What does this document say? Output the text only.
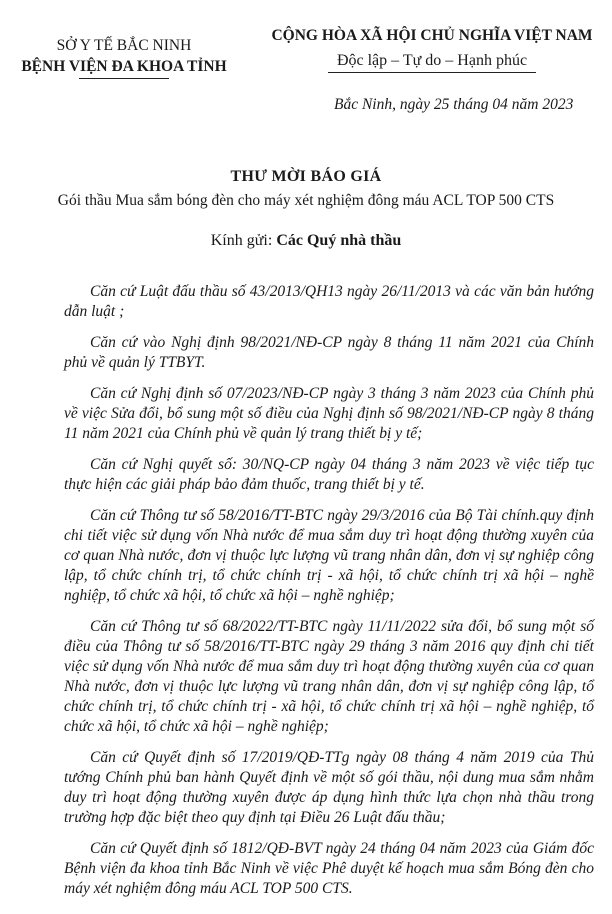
SỞ Y TẾ BẮC NINH
BỆNH VIỆN ĐA KHOA TỈNH
CỘNG HÒA XÃ HỘI CHỦ NGHĨA VIỆT NAM
Độc lập – Tự do – Hạnh phúc
Bắc Ninh, ngày 25 tháng 04 năm 2023
THƯ MỜI BÁO GIÁ
Gói thầu Mua sắm bóng đèn cho máy xét nghiệm đông máu ACL TOP 500 CTS
Kính gửi: Các Quý nhà thầu

Căn cứ Luật đấu thầu số 43/2013/QH13 ngày 26/11/2013 và các văn bản hướng dẫn luật ;

Căn cứ vào Nghị định 98/2021/NĐ-CP ngày 8 tháng 11 năm 2021 của Chính phủ về quản lý TTBYT.

Căn cứ Nghị định số 07/2023/NĐ-CP ngày 3 tháng 3 năm 2023 của Chính phủ về việc Sửa đổi, bổ sung một số điều của Nghị định số 98/2021/NĐ-CP ngày 8 tháng 11 năm 2021 của Chính phủ về quản lý trang thiết bị y tế;

Căn cứ Nghị quyết số: 30/NQ-CP ngày 04 tháng 3 năm 2023 về việc tiếp tục thực hiện các giải pháp bảo đảm thuốc, trang thiết bị y tế.

Căn cứ Thông tư số 58/2016/TT-BTC ngày 29/3/2016 của Bộ Tài chính.quy định chi tiết việc sử dụng vốn Nhà nước để mua sắm duy trì hoạt động thường xuyên của cơ quan Nhà nước, đơn vị thuộc lực lượng vũ trang nhân dân, đơn vị sự nghiệp công lập, tổ chức chính trị, tổ chức chính trị - xã hội, tổ chức chính trị xã hội – nghề nghiệp, tổ chức xã hội, tổ chức xã hội – nghề nghiệp;

Căn cứ Thông tư số 68/2022/TT-BTC ngày 11/11/2022 sửa đổi, bổ sung một số điều của Thông tư số 58/2016/TT-BTC ngày 29 tháng 3 năm 2016 quy định chi tiết việc sử dụng vốn Nhà nước để mua sắm duy trì hoạt động thường xuyên của cơ quan Nhà nước, đơn vị thuộc lực lượng vũ trang nhân dân, đơn vị sự nghiệp công lập, tổ chức chính trị, tổ chức chính trị - xã hội, tổ chức chính trị xã hội – nghề nghiệp, tổ chức xã hội, tổ chức xã hội – nghề nghiệp;

Căn cứ Quyết định số 17/2019/QĐ-TTg ngày 08 tháng 4 năm 2019 của Thủ tướng Chính phủ ban hành Quyết định về một số gói thầu, nội dung mua sắm nhằm duy trì hoạt động thường xuyên được áp dụng hình thức lựa chọn nhà thầu trong trường hợp đặc biệt theo quy định tại Điều 26 Luật đấu thầu;

Căn cứ Quyết định số 1812/QĐ-BVT ngày 24 tháng 04 năm 2023 của Giám đốc Bệnh viện đa khoa tỉnh Bắc Ninh về việc Phê duyệt kế hoạch mua sắm Bóng đèn cho máy xét nghiệm đông máu ACL TOP 500 CTS.
